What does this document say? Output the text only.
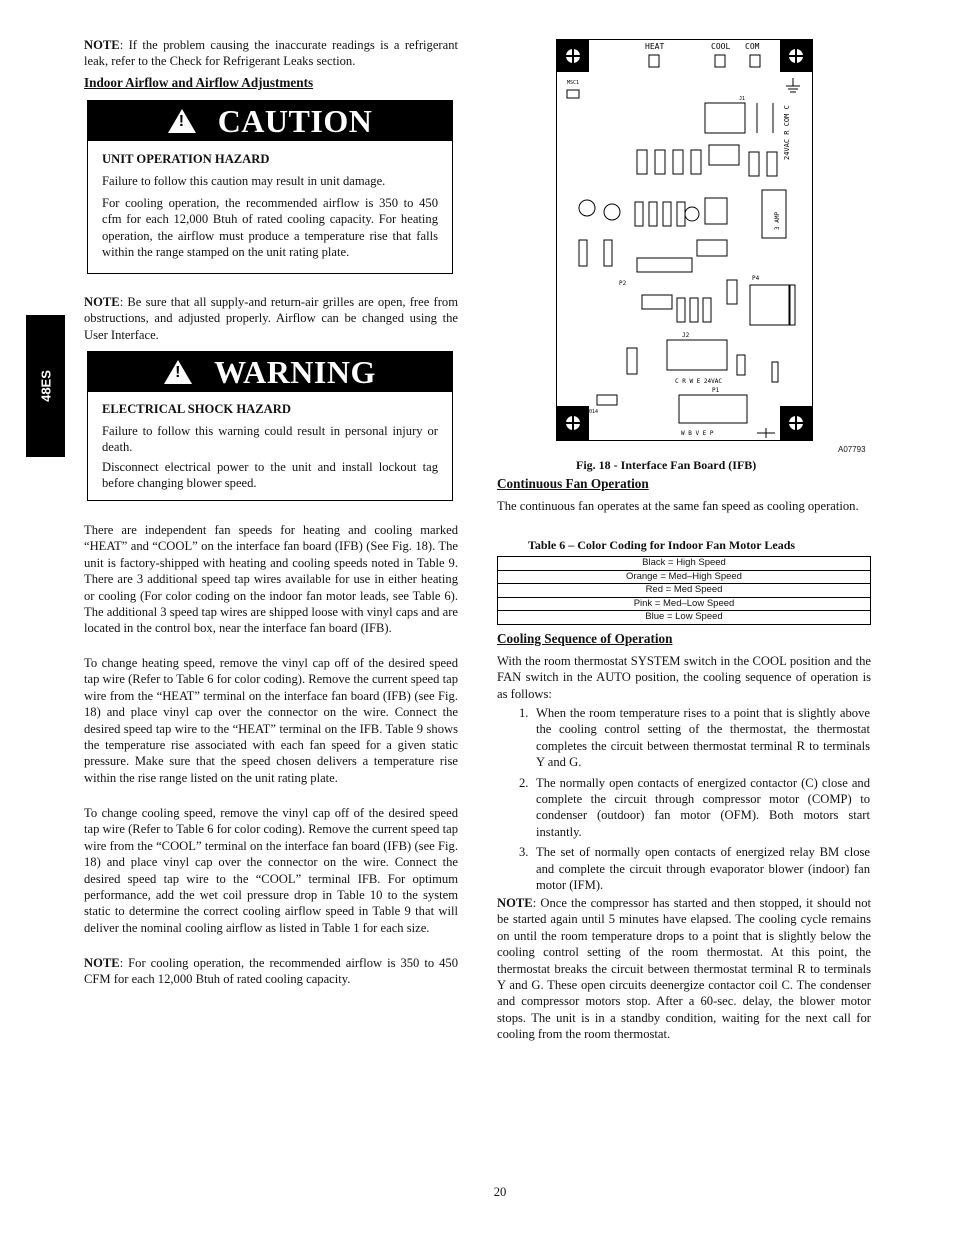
48ES

NOTE: If the problem causing the inaccurate readings is a refrigerant leak, refer to the Check for Refrigerant Leaks section.

Indoor Airflow and Airflow Adjustments

! CAUTION
UNIT OPERATION HAZARD
Failure to follow this caution may result in unit damage.
For cooling operation, the recommended airflow is 350 to 450 cfm for each 12,000 Btuh of rated cooling capacity. For heating operation, the airflow must produce a temperature rise that falls within the range stamped on the unit rating plate.

NOTE: Be sure that all supply-and return-air grilles are open, free from obstructions, and adjusted properly. Airflow can be changed using the User Interface.

! WARNING
ELECTRICAL SHOCK HAZARD
Failure to follow this warning could result in personal injury or death.
Disconnect electrical power to the unit and install lockout tag before changing blower speed.

There are independent fan speeds for heating and cooling marked “HEAT” and “COOL” on the interface fan board (IFB) (See Fig. 18). The unit is factory-shipped with heating and cooling speeds noted in Table 9. There are 3 additional speed tap wires available for use in either heating or cooling (For color coding on the indoor fan motor leads, see Table 6). The additional 3 speed tap wires are shipped loose with vinyl caps and are located in the control box, near the interface fan board (IFB).

To change heating speed, remove the vinyl cap off of the desired speed tap wire (Refer to Table 6 for color coding). Remove the current speed tap wire from the “HEAT” terminal on the interface fan board (IFB) (see Fig. 18) and place vinyl cap over the connector on the wire. Connect the desired speed tap wire to the “HEAT” terminal on the IFB. Table 9 shows the temperature rise associated with each fan speed for a given static pressure. Make sure that the speed chosen delivers a temperature rise within the rise range listed on the unit rating plate.

To change cooling speed, remove the vinyl cap off of the desired speed tap wire (Refer to Table 6 for color coding). Remove the current speed tap wire from the “COOL” terminal on the interface fan board (IFB) (see Fig. 18) and place vinyl cap over the connector on the wire. Connect the desired speed tap wire to the “COOL” terminal IFB. For optimum performance, add the wet coil pressure drop in Table 10 to the system static to determine the correct cooling airflow speed in Table 9 that will deliver the nominal cooling airflow as listed in Table 1 for each size.

NOTE: For cooling operation, the recommended airflow is 350 to 450 CFM for each 12,000 Btuh of rated cooling capacity.

HEAT	COOL COM
MSC1
J1
24VAC R COM C
3 AMP
P2
P4
J2
C R W E 24VAC
55Z-014
P1
W B V E P
A07793
Fig. 18 - Interface Fan Board (IFB)

Continuous Fan Operation

The continuous fan operates at the same fan speed as cooling operation.

Table 6 – Color Coding for Indoor Fan Motor Leads
Black = High Speed
Orange = Med–High Speed
Red = Med Speed
Pink = Med–Low Speed
Blue = Low Speed

Cooling Sequence of Operation

With the room thermostat SYSTEM switch in the COOL position and the FAN switch in the AUTO position, the cooling sequence of operation is as follows:

1. When the room temperature rises to a point that is slightly above the cooling control setting of the thermostat, the thermostat completes the circuit between thermostat terminal R to terminals Y and G.
2. The normally open contacts of energized contactor (C) close and complete the circuit through compressor motor (COMP) to condenser (outdoor) fan motor (OFM). Both motors start instantly.
3. The set of normally open contacts of energized relay BM close and complete the circuit through evaporator blower (indoor) fan motor (IFM).

NOTE: Once the compressor has started and then stopped, it should not be started again until 5 minutes have elapsed. The cooling cycle remains on until the room temperature drops to a point that is slightly below the cooling control setting of the room thermostat. At this point, the thermostat breaks the circuit between thermostat terminal R to terminals Y and G. These open circuits deenergize contactor coil C. The condenser and compressor motors stop. After a 60-sec. delay, the blower motor stops. The unit is in a standby condition, waiting for the next call for cooling from the room thermostat.

20
